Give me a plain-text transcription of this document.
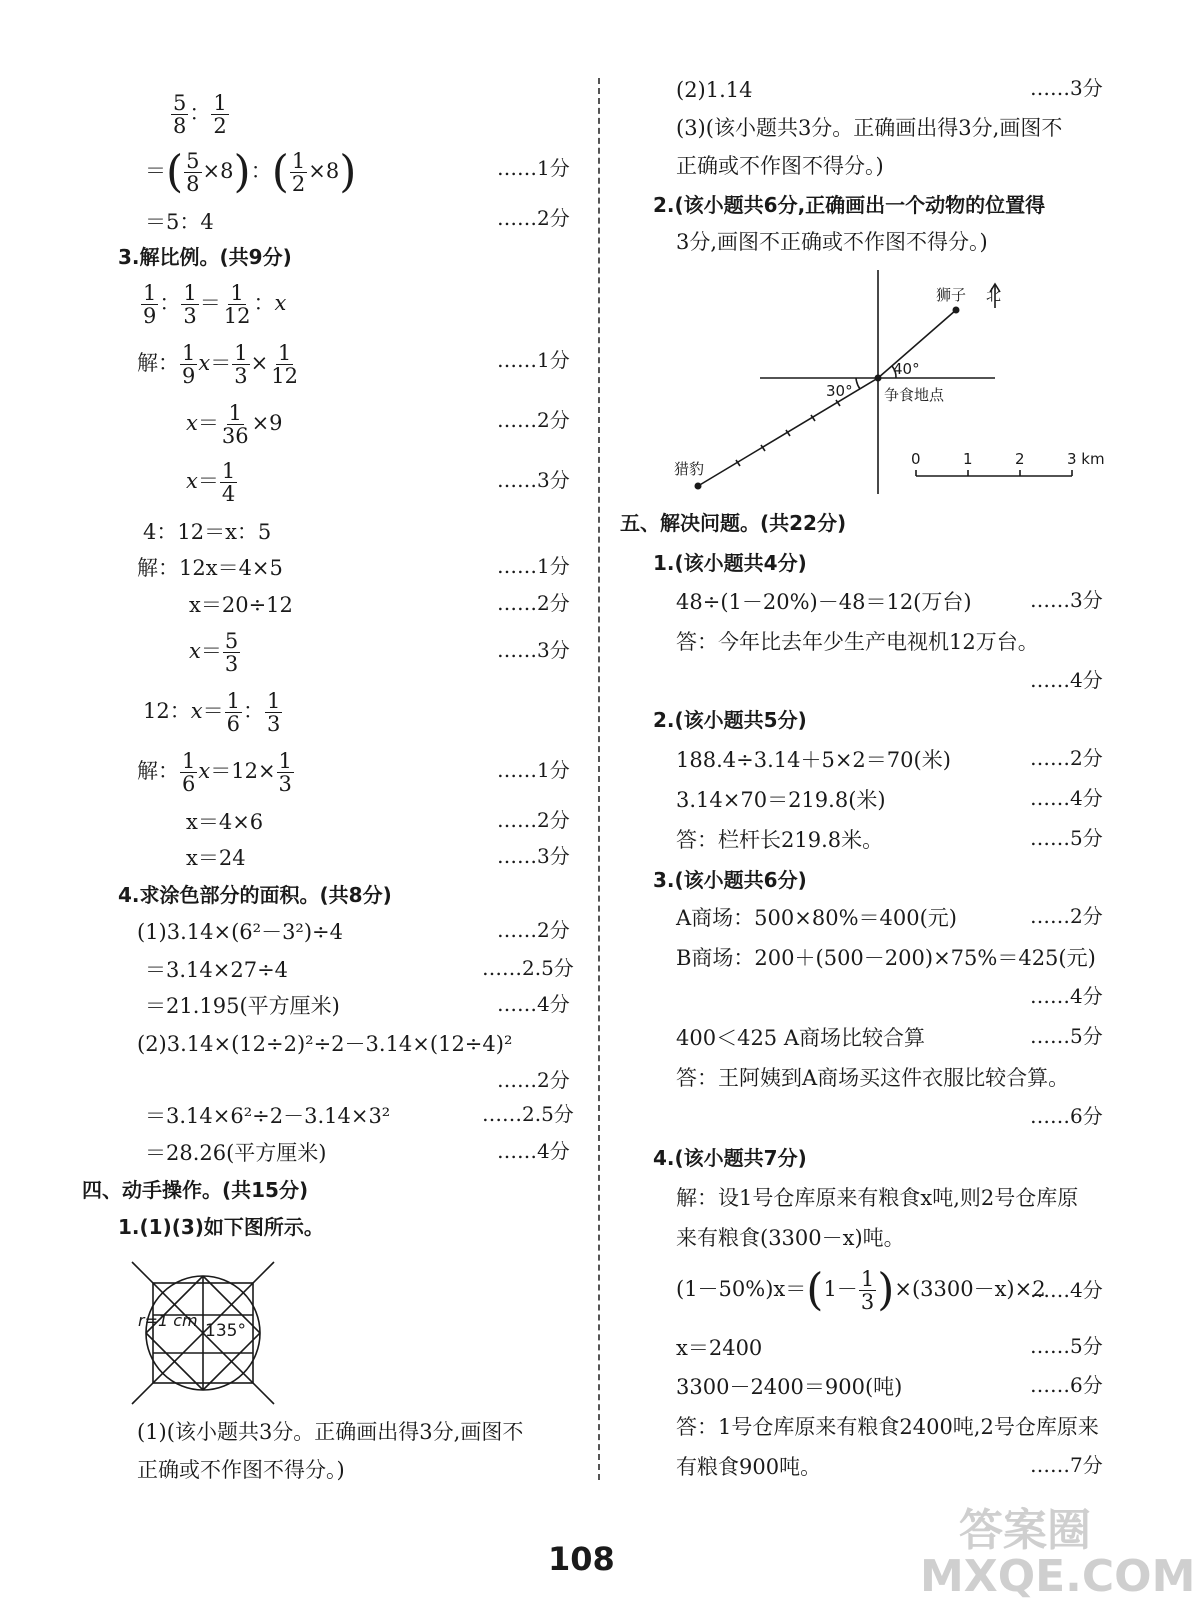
$\frac{5}{8}$ ： $\frac{1}{2}$
＝( $\frac{5}{8} \times 8$)：( $\frac{1}{2} \times 8$)	……1分
＝5：4	……2分
3.解比例。(共9分)
$\frac{1}{9}$ ： $\frac{1}{3} = \frac{1}{12}$ ：x
解： $\frac{1}{9} x= \frac{1}{3} \times \frac{1}{12}$	……1分
$x= \frac{1}{36} \times 9$	……2分
$x= \frac{1}{4}$	……3分
4：12＝x：5
解：12x＝4×5	……1分
x＝20÷12	……2分
$x= \frac{5}{3}$	……3分
12：$x= \frac{1}{6}$ ： $\frac{1}{3}$
解： $\frac{1}{6} x=12\times \frac{1}{3}$	……1分
x＝4×6	……2分
x＝24	……3分
4.求涂色部分的面积。(共8分)
(1)3.14×(6²－3²)÷4	……2分
＝3.14×27÷4	……2.5分
＝21.195(平方厘米)	……4分
(2)3.14×(12÷2)²÷2－3.14×(12÷4)²
……2分
＝3.14×6²÷2－3.14×3²	……2.5分
＝28.26(平方厘米)	……4分
四、动手操作。(共15分)
1.(1)(3)如下图所示。
r=1 cm
135°
(1)(该小题共3分。正确画出得3分,画图不
正确或不作图不得分。)
(2)1.14	……3分
(3)(该小题共3分。正确画出得3分,画图不
正确或不作图不得分。)
2.(该小题共6分,正确画出一个动物的位置得
3分,画图不正确或不作图不得分。)
狮子 北
40°
30° 争食地点
猎豹
0	1	2	3 km
五、解决问题。(共22分)
1.(该小题共4分)
48÷(1－20%)－48＝12(万台)	……3分
答：今年比去年少生产电视机12万台。
……4分
2.(该小题共5分)
188.4÷3.14＋5×2＝70(米)	……2分
3.14×70＝219.8(米)	……4分
答：栏杆长219.8米。	……5分
3.(该小题共6分)
A商场：500×80%＝400(元)	……2分
B商场：200＋(500－200)×75%＝425(元)
……4分
400＜425 A商场比较合算	……5分
答：王阿姨到A商场买这件衣服比较合算。
……6分
4.(该小题共7分)
解：设1号仓库原来有粮食x吨,则2号仓库原
来有粮食(3300－x)吨。
$(1-50\%)x=(1- \frac{1}{3} )\times(3300-x)\times 2$
……4分
x＝2400	……5分
3300－2400＝900(吨)	……6分
答：1号仓库原来有粮食2400吨,2号仓库原来
有粮食900吨。	……7分
108
答案圈 MXQE.COM
